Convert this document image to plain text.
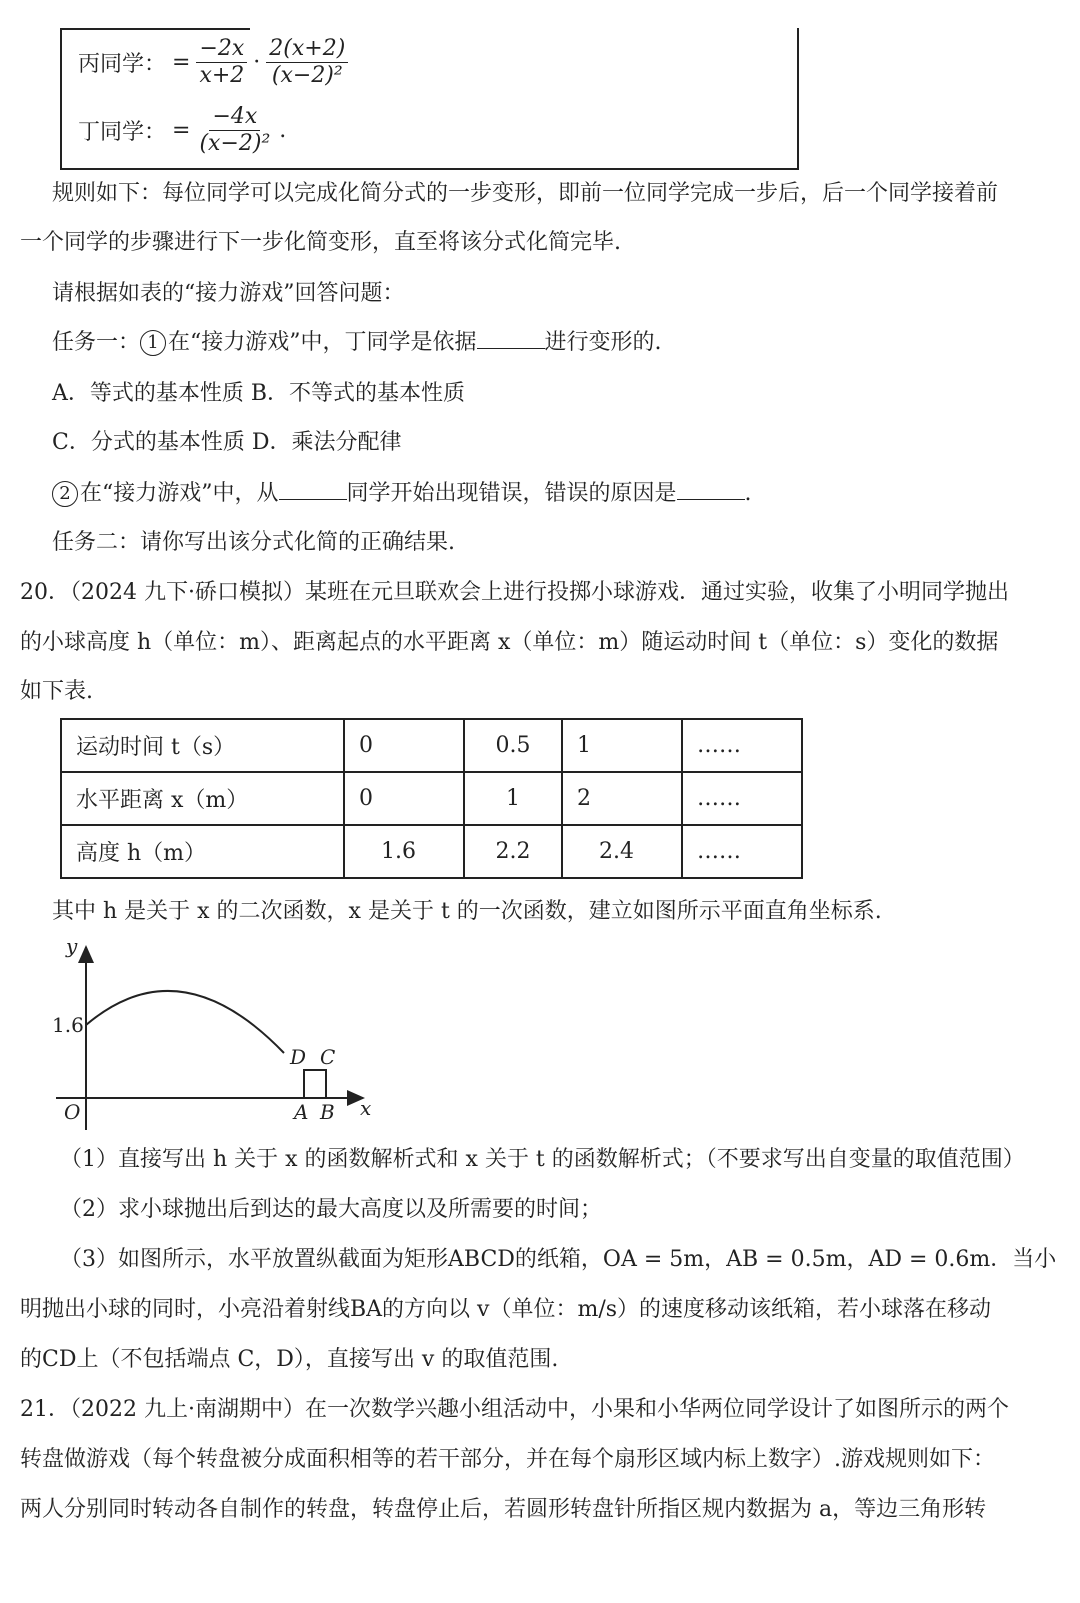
丙同学： = $\frac{-2x}{x+2} \cdot \frac{2(x+2)}{\text{(x−2)²}}$
丁同学： = $\frac{-4x}{\text{(x−2)²}}$ .
规则如下：每位同学可以完成化简分式的一步变形，即前一位同学完成一步后，后一个同学接着前
一个同学的步骤进行下一步化简变形，直至将该分式化简完毕.
请根据如表的“接力游戏”回答问题：
任务一： 1 在“接力游戏”中，丁同学是依据	进行变形的.
A．等式的基本性质 B．不等式的基本性质
C．分式的基本性质 D．乘法分配律
2 在“接力游戏”中，从	同学开始出现错误，错误的原因是	.
任务二：请你写出该分式化简的正确结果.
20．（2024 九下·硚口模拟）某班在元旦联欢会上进行投掷小球游戏．通过实验，收集了小明同学抛出
的小球高度 h（单位：m）、距离起点的水平距离 x（单位：m）随运动时间 t（单位：s）变化的数据
如下表.
运动时间 t（s）	0	0.5	1	……
水平距离 x（m）	0	1	2	……
高度 h（m）	1.6	2.2	2.4	……
其中 h 是关于 x 的二次函数，x 是关于 t 的一次函数，建立如图所示平面直角坐标系.
y
x
O
1.6
D C
A B
（1）直接写出 h 关于 x 的函数解析式和 x 关于 t 的函数解析式；（不要求写出自变量的取值范围）
（2）求小球抛出后到达的最大高度以及所需要的时间；
（3）如图所示，水平放置纵截面为矩形ABCD的纸箱，OA = 5m，AB = 0.5m，AD = 0.6m．当小
明抛出小球的同时，小亮沿着射线BA的方向以 v（单位：m/s）的速度移动该纸箱，若小球落在移动
的CD上（不包括端点 C，D），直接写出 v 的取值范围.
21．（2022 九上·南湖期中）在一次数学兴趣小组活动中，小果和小华两位同学设计了如图所示的两个
转盘做游戏（每个转盘被分成面积相等的若干部分，并在每个扇形区域内标上数字）.游戏规则如下：
两人分别同时转动各自制作的转盘，转盘停止后，若圆形转盘针所指区规内数据为 a，等边三角形转
